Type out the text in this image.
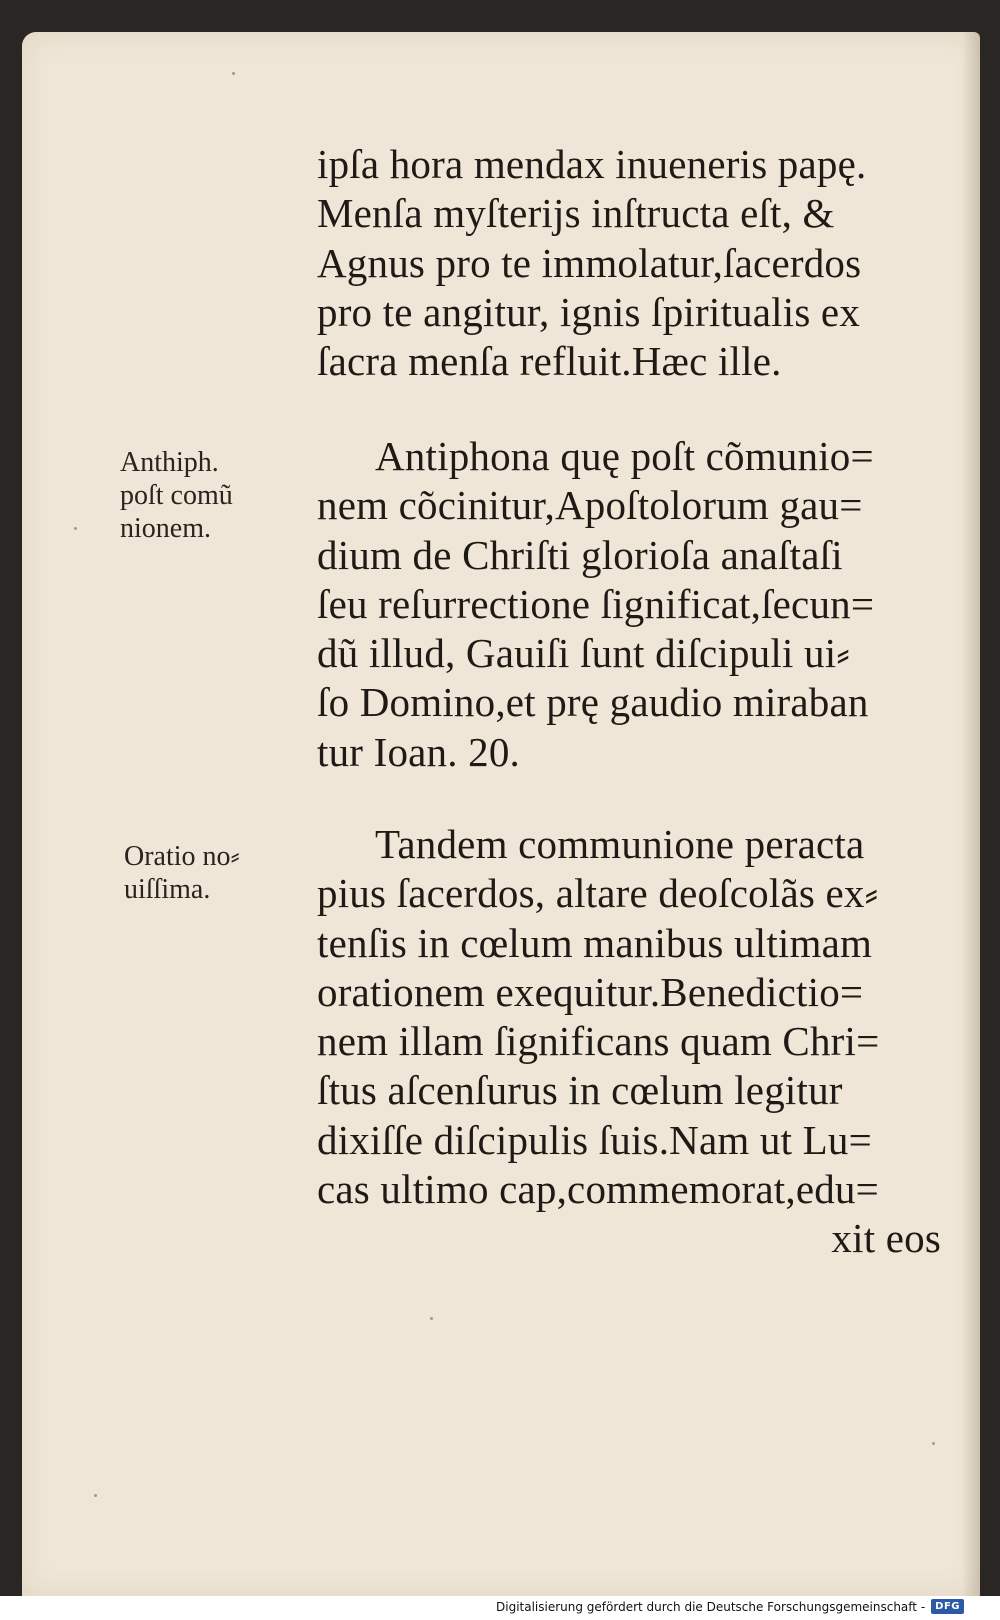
ipſa hora mendax inueneris papę.
Menſa myſterijs inſtructa eſt, &
Agnus pro te immolatur,ſacerdos
pro te angitur, ignis ſpiritualis ex
ſacra menſa refluit.Hæc ille.
Anthiph.
poſt comũ
nionem.
Antiphona quę poſt cõmunio=
nem cõcinitur,Apoſtolorum gau=
dium de Chriſti glorioſa anaſtaſi
ſeu reſurrectione ſignificat,ſecun=
dũ illud, Gauiſi ſunt diſcipuli ui⸗
ſo Domino,et prę gaudio miraban
tur Ioan. 20.
Oratio no⸗
uiſſima.
Tandem communione peracta
pius ſacerdos, altare deoſcolãs ex⸗
tenſis in cœlum manibus ultimam
orationem exequitur.Benedictio=
nem illam ſignificans quam Chri=
ſtus aſcenſurus in cœlum legitur
dixiſſe diſcipulis ſuis.Nam ut Lu=
cas ultimo cap,commemorat,edu=
xit eos
Digitalisierung gefördert durch die Deutsche Forschungsgemeinschaft -	DFG
